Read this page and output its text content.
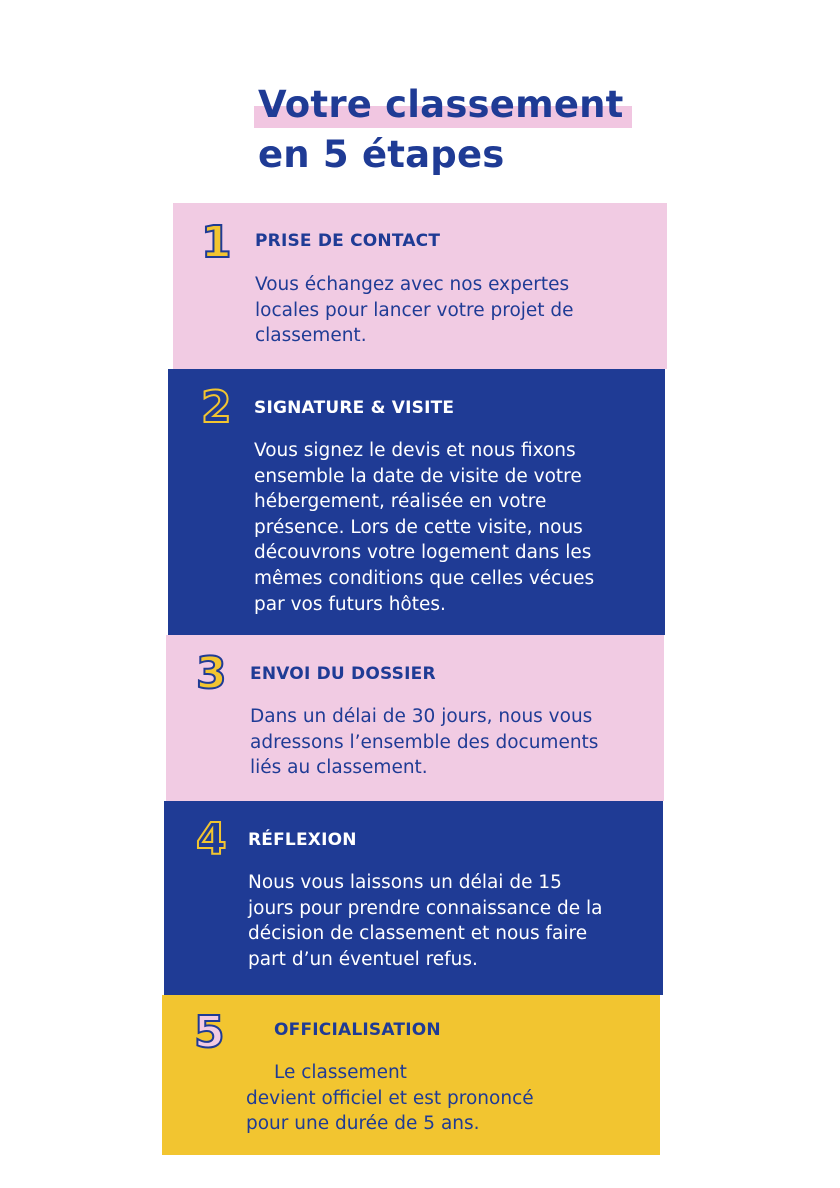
Votre classement
en 5 étapes
1 PRISE DE CONTACT
Vous échangez avec nos expertes
locales pour lancer votre projet de
classement.
2 SIGNATURE & VISITE
Vous signez le devis et nous fixons
ensemble la date de visite de votre
hébergement, réalisée en votre
présence. Lors de cette visite, nous
découvrons votre logement dans les
mêmes conditions que celles vécues
par vos futurs hôtes.
3 ENVOI DU DOSSIER
Dans un délai de 30 jours, nous vous
adressons l’ensemble des documents
liés au classement.
4 RÉFLEXION
Nous vous laissons un délai de 15
jours pour prendre connaissance de la
décision de classement et nous faire
part d’un éventuel refus.
5	OFFICIALISATION
Le classement
devient officiel et est prononcé
pour une durée de 5 ans.
